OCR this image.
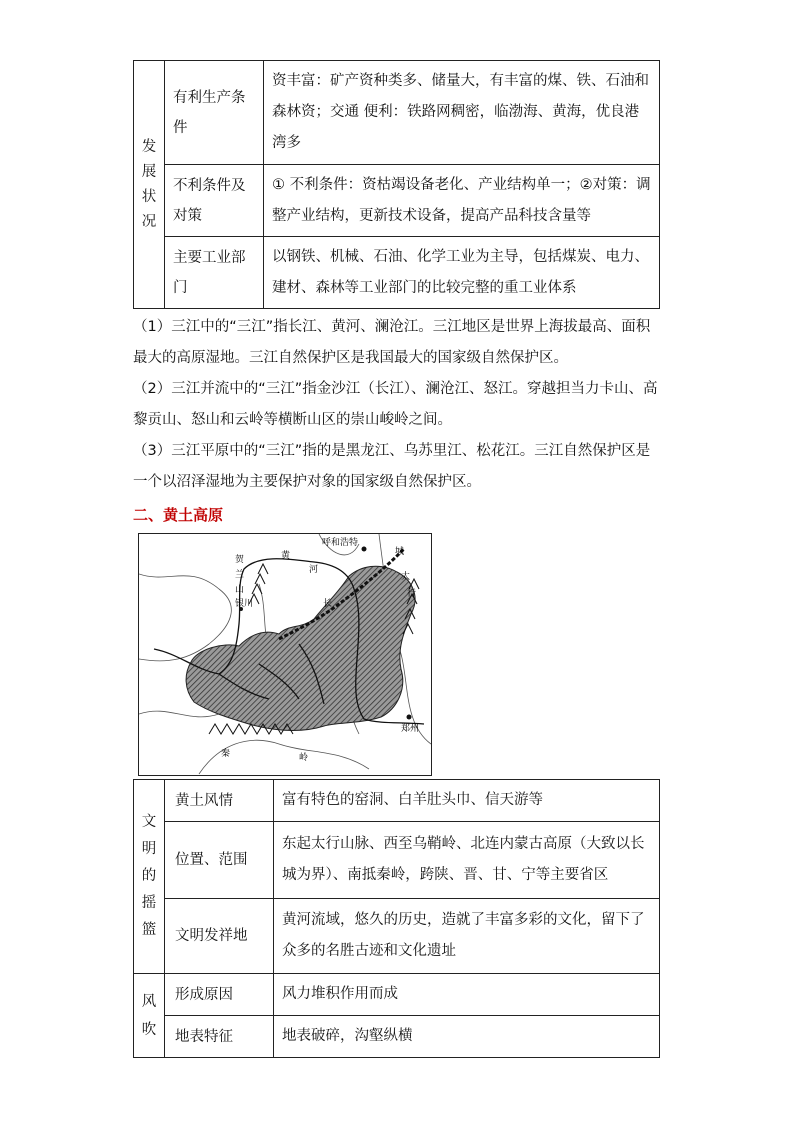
发展状况	有利生产条件	资丰富：矿产资种类多、储量大，有丰富的煤、铁、石油和森林资；交通 便利：铁路网稠密，临渤海、黄海，优良港湾多
	不利条件及对策	① 不利条件：资枯竭设备老化、产业结构单一；②对策：调整产业结构，更新技术设备，提高产品科技含量等
	主要工业部门	以钢铁、机械、石油、化学工业为主导，包括煤炭、电力、建材、森林等工业部门的比较完整的重工业体系

（1）三江中的“三江”指长江、黄河、澜沧江。三江地区是世界上海拔最高、面积最大的高原湿地。三江自然保护区是我国最大的国家级自然保护区。

（2）三江并流中的“三江”指金沙江（长江）、澜沧江、怒江。穿越担当力卡山、高黎贡山、怒山和云岭等横断山区的崇山峻岭之间。

（3）三江平原中的“三江”指的是黑龙江、乌苏里江、松花江。三江自然保护区是一个以沼泽湿地为主要保护对象的国家级自然保护区。

二、黄土高原
呼和浩特
贺
兰
山
银川
黄
河
城
长
太
行
郑州
秦	岭
文明的摇篮	黄土风情	富有特色的窑洞、白羊肚头巾、信天游等
	位置、范围	东起太行山脉、西至乌鞘岭、北连内蒙古高原（大致以长城为界）、南抵秦岭，跨陕、晋、甘、宁等主要省区
	文明发祥地	黄河流域，悠久的历史，造就了丰富多彩的文化，留下了众多的名胜古迹和文化遗址
风吹	形成原因	风力堆积作用而成
	地表特征	地表破碎，沟壑纵横
